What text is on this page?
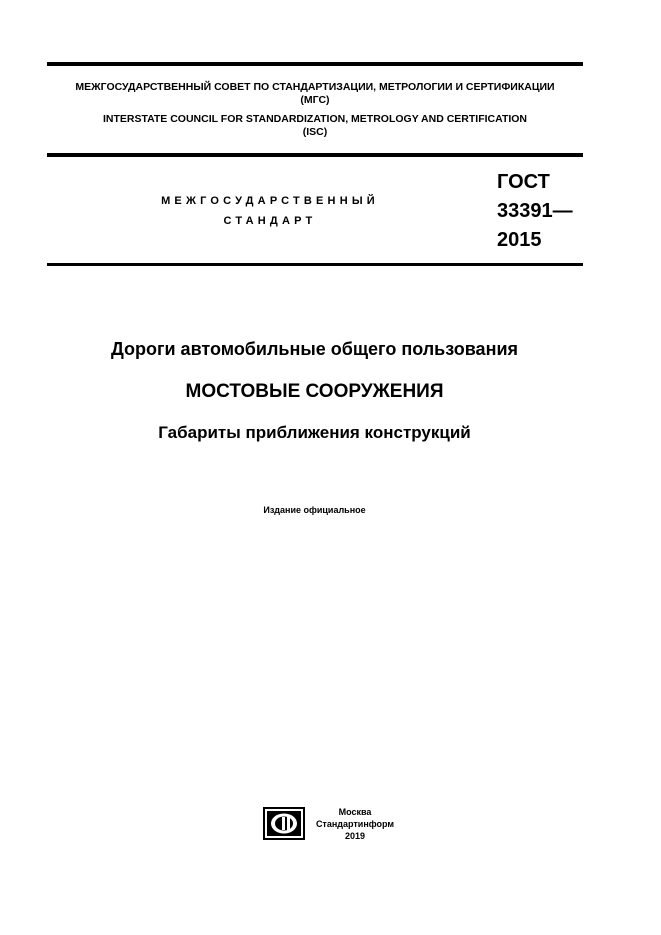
МЕЖГОСУДАРСТВЕННЫЙ СОВЕТ ПО СТАНДАРТИЗАЦИИ, МЕТРОЛОГИИ И СЕРТИФИКАЦИИ
(МГС)
INTERSTATE COUNCIL FOR STANDARDIZATION, METROLOGY AND CERTIFICATION
(ISC)
МЕЖГОСУДАРСТВЕННЫЙ
СТАНДАРТ
ГОСТ
33391—
2015
Дороги автомобильные общего пользования
МОСТОВЫЕ СООРУЖЕНИЯ
Габариты приближения конструкций
Издание официальное
Москва
Стандартинформ
2019
